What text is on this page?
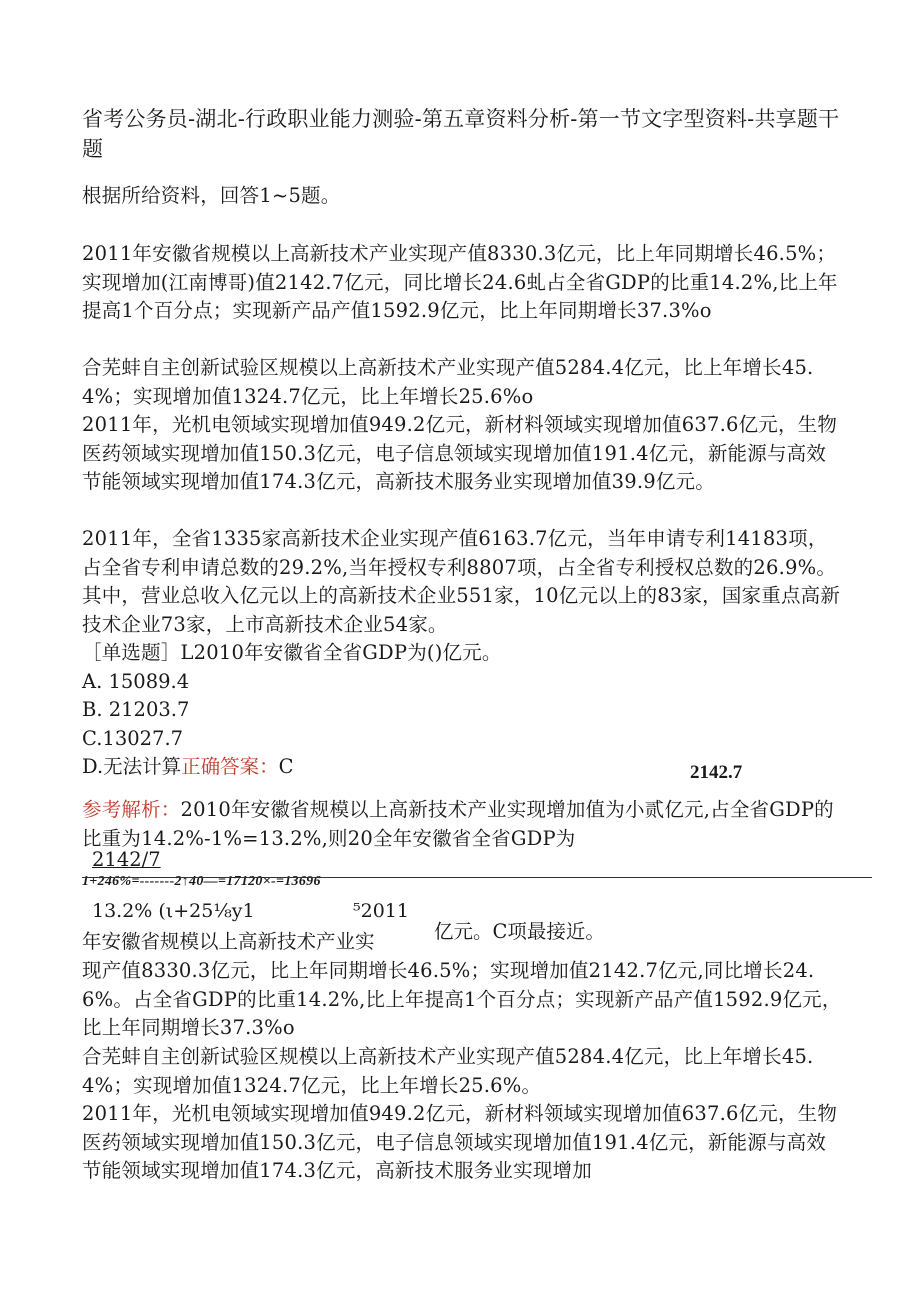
省考公务员-湖北-行政职业能力测验-第五章资料分析-第一节文字型资料-共享题干题

根据所给资料，回答1~5题。

2011年安徽省规模以上高新技术产业实现产值8330.3亿元，比上年同期增长46.5%；实现增加(江南博哥)值2142.7亿元，同比增长24.6虬占全省GDP的比重14.2%,比上年提高1个百分点；实现新产品产值1592.9亿元，比上年同期增长37.3%o

合芜蚌自主创新试验区规模以上高新技术产业实现产值5284.4亿元，比上年增长45.4%；实现增加值1324.7亿元，比上年增长25.6%o

2011年，光机电领域实现增加值949.2亿元，新材料领域实现增加值637.6亿元，生物医药领域实现增加值150.3亿元，电子信息领域实现增加值191.4亿元，新能源与高效节能领域实现增加值174.3亿元，高新技术服务业实现增加值39.9亿元。

2011年，全省1335家高新技术企业实现产值6163.7亿元，当年申请专利14183项，占全省专利申请总数的29.2%,当年授权专利8807项，占全省专利授权总数的26.9%。其中，营业总收入亿元以上的高新技术企业551家，10亿元以上的83家，国家重点高新技术企业73家，上市高新技术企业54家。

［单选题］L2010年安徽省全省GDP为()亿元。

A. 15089.4

B. 21203.7

C.13027.7

D.无法计算正确答案：C	2142.7

参考解析：2010年安徽省规模以上高新技术产业实现增加值为小贰亿元,占全省GDP的比重为14.2%-1%=13.2%,则20全年安徽省全省GDP为

2142/7
1+246%=-------2↑40—=17120×-=13696
13.2% (ι+25⅛y1	⁵2011
年安徽省规模以上高新技术产业实	亿元。C项最接近。

现产值8330.3亿元，比上年同期增长46.5%；实现增加值2142.7亿元,同比增长24.6%。占全省GDP的比重14.2%,比上年提高1个百分点；实现新产品产值1592.9亿元，比上年同期增长37.3%o

合芜蚌自主创新试验区规模以上高新技术产业实现产值5284.4亿元，比上年增长45.4%；实现增加值1324.7亿元，比上年增长25.6%。

2011年，光机电领域实现增加值949.2亿元，新材料领域实现增加值637.6亿元，生物医药领域实现增加值150.3亿元，电子信息领域实现增加值191.4亿元，新能源与高效节能领域实现增加值174.3亿元，高新技术服务业实现增加
